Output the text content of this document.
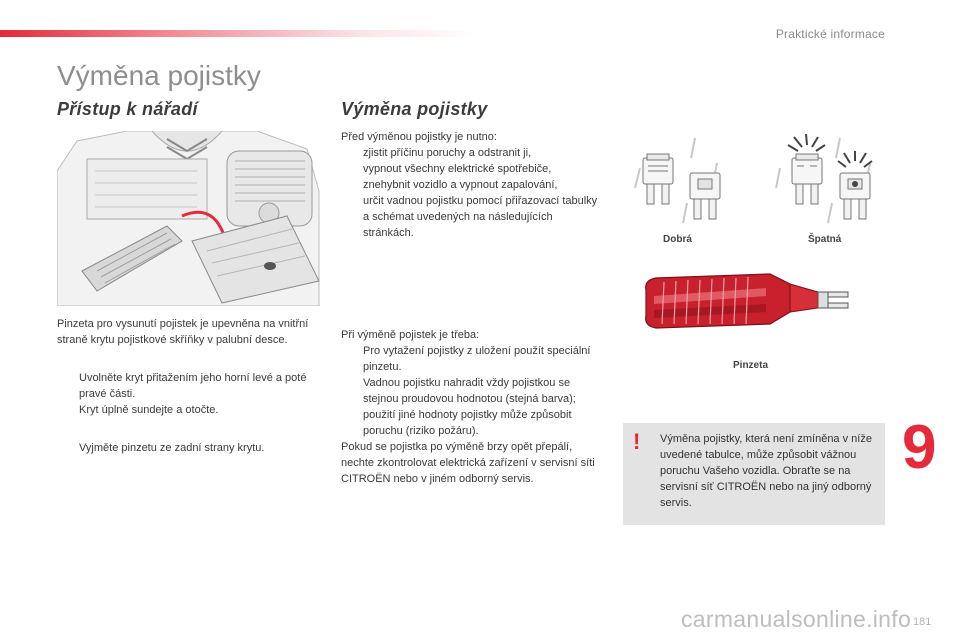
Praktické informace
Výměna pojistky
Přístup k nářadí
Pinzeta pro vysunutí pojistek je upevněna na vnitřní straně krytu pojistkové skříňky v palubní desce.
Uvolněte kryt přitažením jeho horní levé a poté pravé části.
Kryt úplně sundejte a otočte.
Vyjměte pinzetu ze zadní strany krytu.
Výměna pojistky

Před výměnou pojistky je nutno:

zjistit příčinu poruchy a odstranit ji,
vypnout všechny elektrické spotřebiče,
znehybnit vozidlo a vypnout zapalování,
určit vadnou pojistku pomocí přiřazovací tabulky a schémat uvedených na následujících stránkách.

Při výměně pojistek je třeba:

Pro vytažení pojistky z uložení použít speciální pinzetu.
Vadnou pojistku nahradit vždy pojistkou se stejnou proudovou hodnotou (stejná barva); použití jiné hodnoty pojistky může způsobit poruchu (riziko požáru).

Pokud se pojistka po výměně brzy opět přepálí, nechte zkontrolovat elektrická zařízení v servisní síti CITROËN nebo v jiném odborný servis.

Dobrá	Špatná
Pinzeta
! Výměna pojistky, která není zmíněna v níže uvedené tabulce, může způsobit vážnou poruchu Vašeho vozidla. Obraťte se na servisní síť CITROËN nebo na jiný odborný servis.
9
carmanualsonline.info 181
